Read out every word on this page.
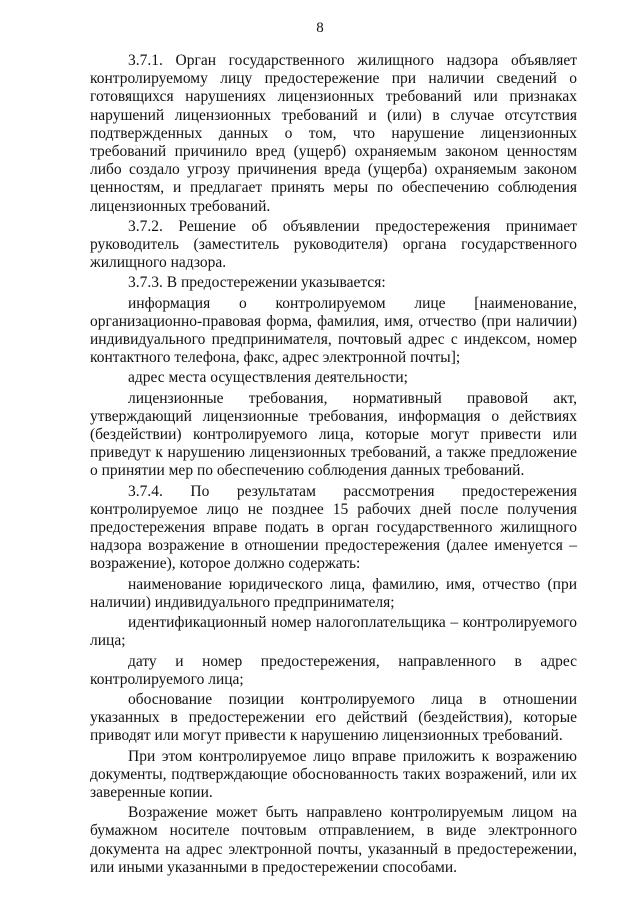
8

3.7.1. Орган государственного жилищного надзора объявляет контролируемому лицу предостережение при наличии сведений о готовящихся нарушениях лицензионных требований или признаках нарушений лицензионных требований и (или) в случае отсутствия подтвержденных данных о том, что нарушение лицензионных требований причинило вред (ущерб) охраняемым законом ценностям либо создало угрозу причинения вреда (ущерба) охраняемым законом ценностям, и предлагает принять меры по обеспечению соблюдения лицензионных требований.

3.7.2. Решение об объявлении предостережения принимает руководитель (заместитель руководителя) органа государственного жилищного надзора.

3.7.3. В предостережении указывается:

информация о контролируемом лице [наименование, организационно-правовая форма, фамилия, имя, отчество (при наличии) индивидуального предпринимателя, почтовый адрес с индексом, номер контактного телефона, факс, адрес электронной почты];

адрес места осуществления деятельности;

лицензионные требования, нормативный правовой акт, утверждающий лицензионные требования, информация о действиях (бездействии) контролируемого лица, которые могут привести или приведут к нарушению лицензионных требований, а также предложение о принятии мер по обеспечению соблюдения данных требований.

3.7.4. По результатам рассмотрения предостережения контролируемое лицо не позднее 15 рабочих дней после получения предостережения вправе подать в орган государственного жилищного надзора возражение в отношении предостережения (далее именуется – возражение), которое должно содержать:

наименование юридического лица, фамилию, имя, отчество (при наличии) индивидуального предпринимателя;

идентификационный номер налогоплательщика – контролируемого лица;

дату и номер предостережения, направленного в адрес контролируемого лица;

обоснование позиции контролируемого лица в отношении указанных в предостережении его действий (бездействия), которые приводят или могут привести к нарушению лицензионных требований.

При этом контролируемое лицо вправе приложить к возражению документы, подтверждающие обоснованность таких возражений, или их заверенные копии.

Возражение может быть направлено контролируемым лицом на бумажном носителе почтовым отправлением, в виде электронного документа на адрес электронной почты, указанный в предостережении, или иными указанными в предостережении способами.
